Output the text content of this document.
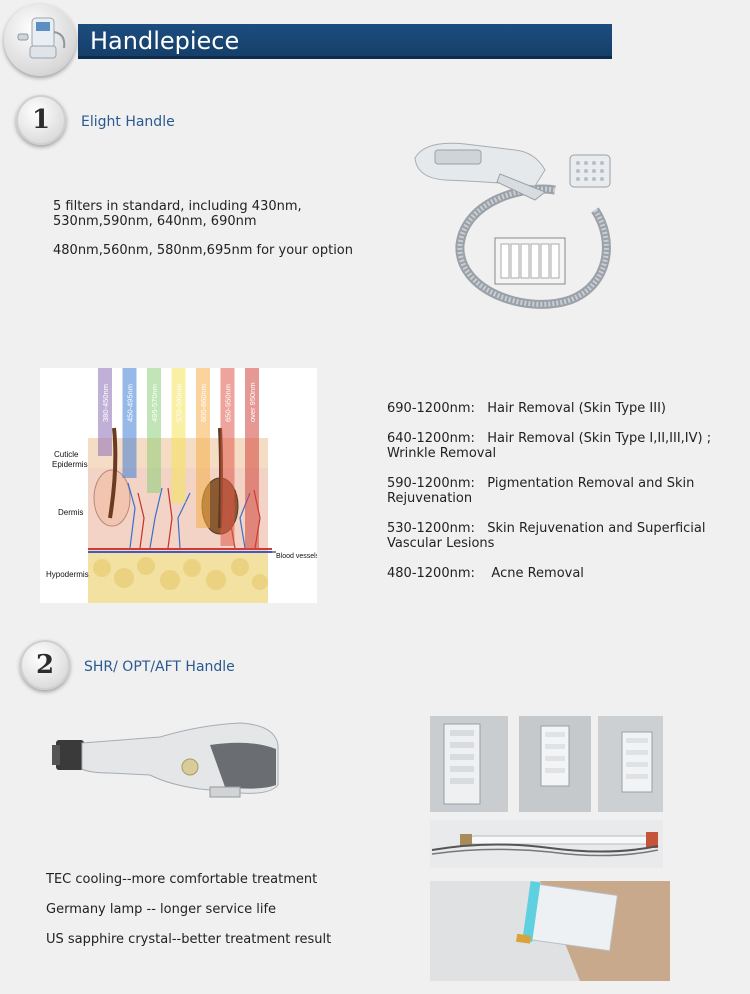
Handlepiece
1	Elight Handle
5 filters in standard, including 430nm,
530nm,590nm, 640nm, 690nm
480nm,560nm, 580nm,695nm for your option
380-450nm 450-495nm 495-570nm 570-590nm 600-660nm 650-950nm over 950nm
Cuticle
Epidermis
Dermis
Hypodermis
Blood vessels
690-1200nm: Hair Removal (Skin Type III)
640-1200nm: Hair Removal (Skin Type I,II,III,IV) ;
Wrinkle Removal
590-1200nm: Pigmentation Removal and Skin
Rejuvenation
530-1200nm: Skin Rejuvenation and Superficial
Vascular Lesions
480-1200nm: Acne Removal
2	SHR/ OPT/AFT Handle
TEC cooling--more comfortable treatment
Germany lamp -- longer service life
US sapphire crystal--better treatment result
